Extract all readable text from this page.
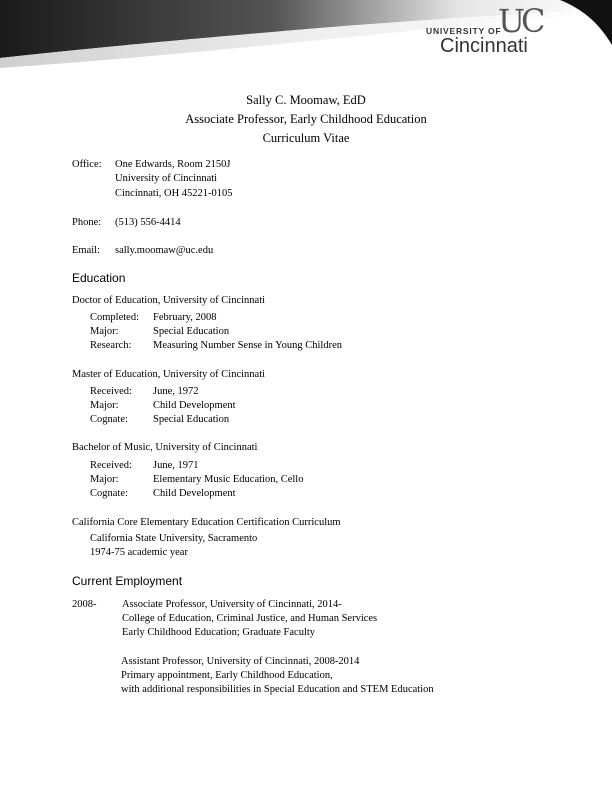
UC
UNIVERSITY OF
Cincinnati
Sally C. Moomaw, EdD
Associate Professor, Early Childhood Education
Curriculum Vitae
Office: One Edwards, Room 2150J
University of Cincinnati
Cincinnati, OH 45221-0105
Phone: (513) 556-4414
Email: sally.moomaw@uc.edu
Education
Doctor of Education, University of Cincinnati
Completed: February, 2008
Major:	Special Education
Research: Measuring Number Sense in Young Children
Master of Education, University of Cincinnati
Received: June, 1972
Major:	Child Development
Cognate: Special Education
Bachelor of Music, University of Cincinnati
Received: June, 1971
Major:	Elementary Music Education, Cello
Cognate: Child Development
California Core Elementary Education Certification Curriculum
California State University, Sacramento
1974-75 academic year
Current Employment
2008- Associate Professor, University of Cincinnati, 2014-
College of Education, Criminal Justice, and Human Services
Early Childhood Education; Graduate Faculty
Assistant Professor, University of Cincinnati, 2008-2014
Primary appointment, Early Childhood Education,
with additional responsibilities in Special Education and STEM Education
